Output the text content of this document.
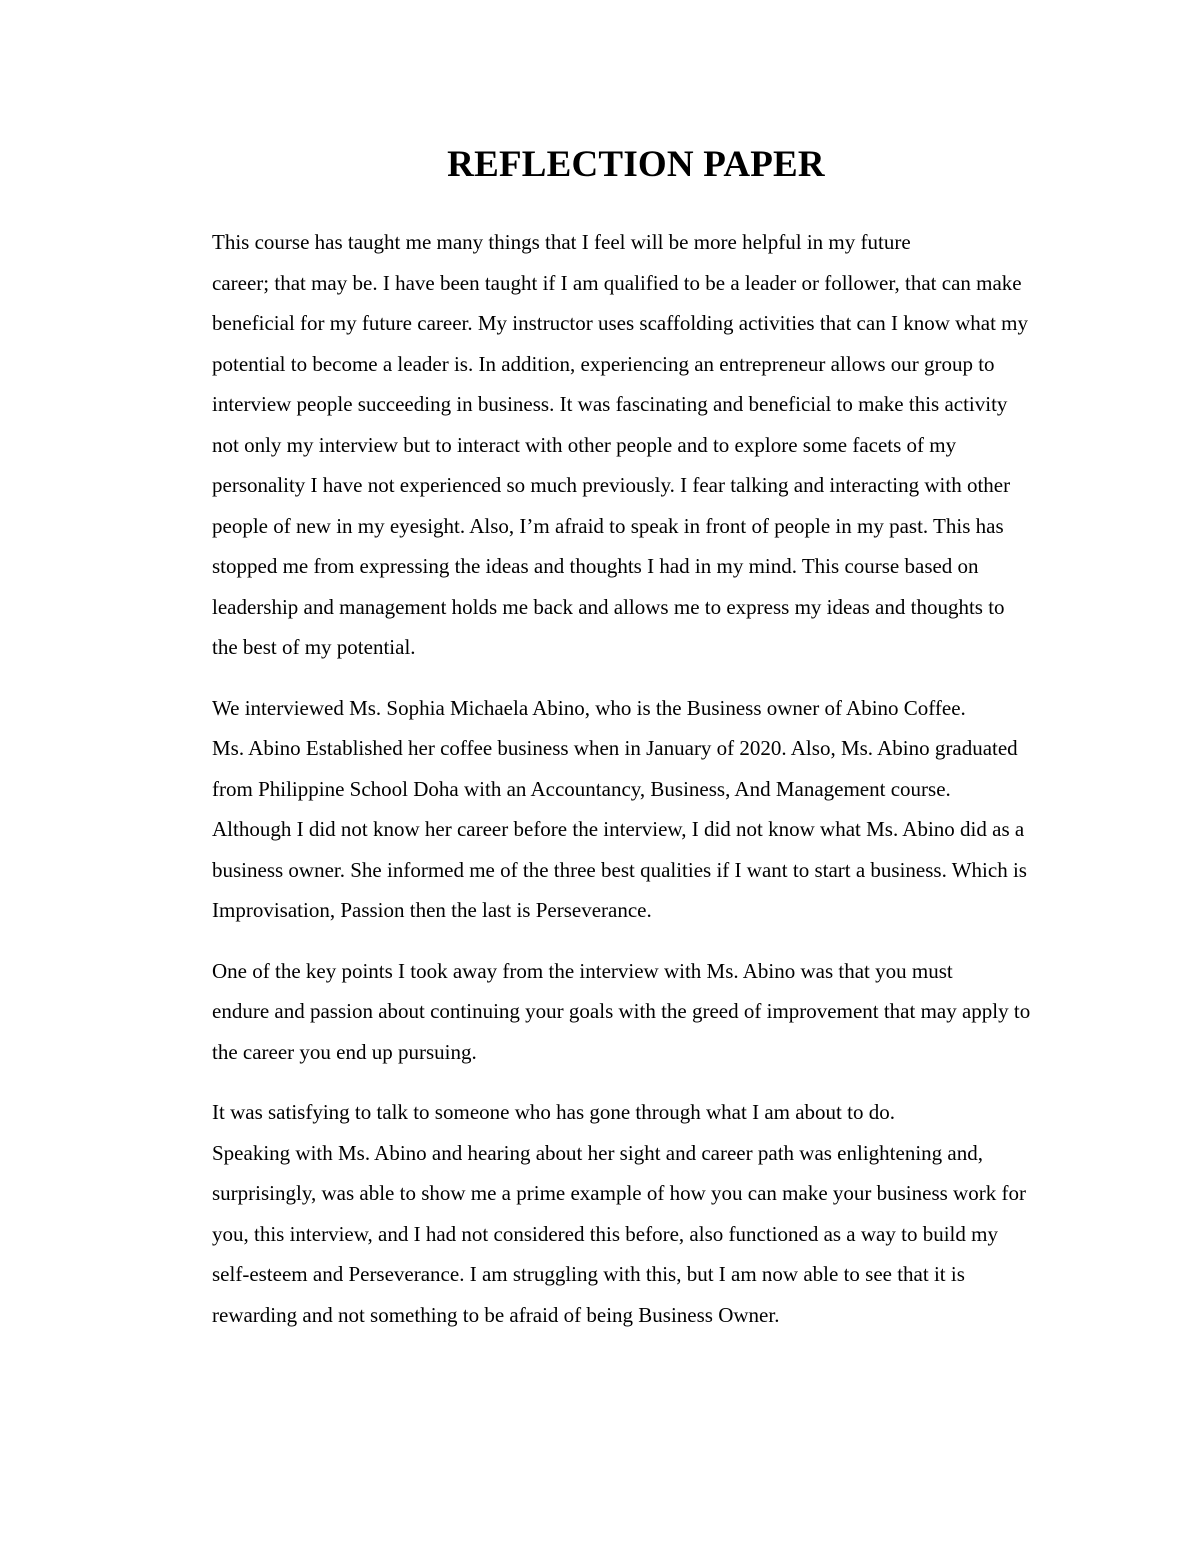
REFLECTION PAPER

This course has taught me many things that I feel will be more helpful in my future
career; that may be. I have been taught if I am qualified to be a leader or follower, that can make
beneficial for my future career. My instructor uses scaffolding activities that can I know what my
potential to become a leader is. In addition, experiencing an entrepreneur allows our group to
interview people succeeding in business. It was fascinating and beneficial to make this activity
not only my interview but to interact with other people and to explore some facets of my
personality I have not experienced so much previously. I fear talking and interacting with other
people of new in my eyesight. Also, I’m afraid to speak in front of people in my past. This has
stopped me from expressing the ideas and thoughts I had in my mind. This course based on
leadership and management holds me back and allows me to express my ideas and thoughts to
the best of my potential.

We interviewed Ms. Sophia Michaela Abino, who is the Business owner of Abino Coffee.
Ms. Abino Established her coffee business when in January of 2020. Also, Ms. Abino graduated
from Philippine School Doha with an Accountancy, Business, And Management course.
Although I did not know her career before the interview, I did not know what Ms. Abino did as a
business owner. She informed me of the three best qualities if I want to start a business. Which is
Improvisation, Passion then the last is Perseverance.

One of the key points I took away from the interview with Ms. Abino was that you must
endure and passion about continuing your goals with the greed of improvement that may apply to
the career you end up pursuing.

It was satisfying to talk to someone who has gone through what I am about to do.
Speaking with Ms. Abino and hearing about her sight and career path was enlightening and,
surprisingly, was able to show me a prime example of how you can make your business work for
you, this interview, and I had not considered this before, also functioned as a way to build my
self-esteem and Perseverance. I am struggling with this, but I am now able to see that it is
rewarding and not something to be afraid of being Business Owner.
